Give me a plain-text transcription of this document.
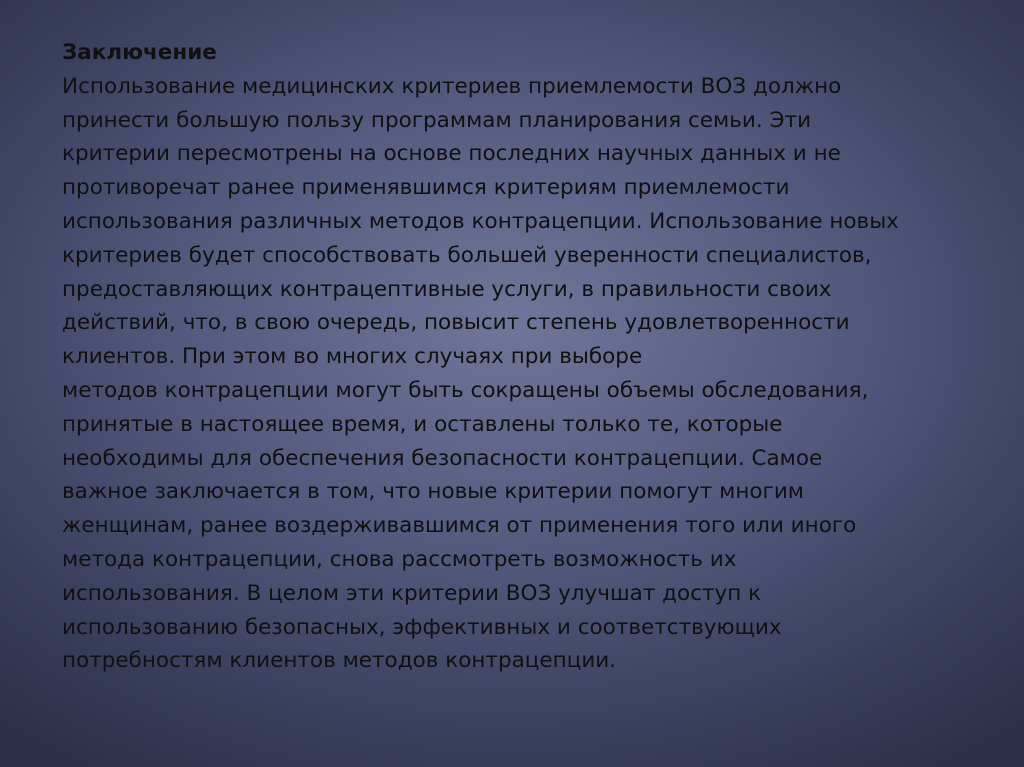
Заключение
Использование медицинских критериев приемлемости ВОЗ должно
принести большую пользу программам планирования семьи. Эти
критерии пересмотрены на основе последних научных данных и не
противоречат ранее применявшимся критериям приемлемости
использования различных методов контрацепции. Использование новых
критериев будет способствовать большей уверенности специалистов,
предоставляющих контрацептивные услуги, в правильности своих
действий, что, в свою очередь, повысит степень удовлетворенности
клиентов. При этом во многих случаях при выборе
методов контрацепции могут быть сокращены объемы обследования,
принятые в настоящее время, и оставлены только те, которые
необходимы для обеспечения безопасности контрацепции. Самое
важное заключается в том, что новые критерии помогут многим
женщинам, ранее воздерживавшимся от применения того или иного
метода контрацепции, снова рассмотреть возможность их
использования. В целом эти критерии ВОЗ улучшат доступ к
использованию безопасных, эффективных и соответствующих
потребностям клиентов методов контрацепции.
